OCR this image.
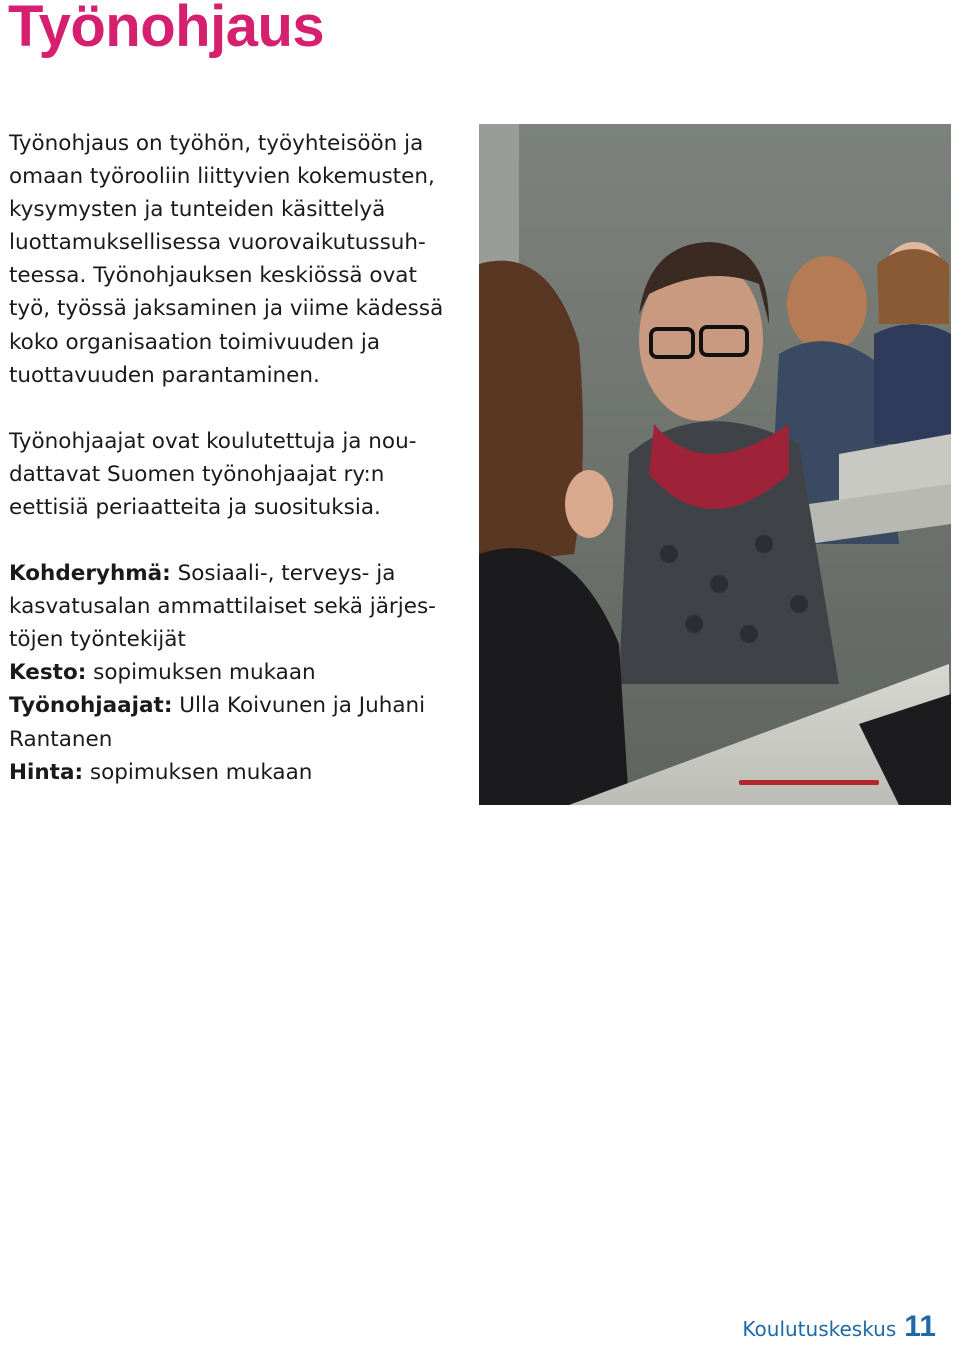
Työnohjaus

Työnohjaus on työhön, työyhteisöön ja
omaan työrooliin liittyvien kokemusten,
kysymysten ja tunteiden käsittelyä
luottamuksellisessa vuorovaikutussuh-
teessa. Työnohjauksen keskiössä ovat
työ, työssä jaksaminen ja viime kädessä
koko organisaation toimivuuden ja
tuottavuuden parantaminen.

Työnohjaajat ovat koulutettuja ja nou-
dattavat Suomen työnohjaajat ry:n
eettisiä periaatteita ja suosituksia.

Kohderyhmä: Sosiaali-, terveys- ja kasvatusalan ammattilaiset sekä järjes-töjen työntekijät
Kesto: sopimuksen mukaan
Työnohjaajat: Ulla Koivunen ja Juhani Rantanen
Hinta: sopimuksen mukaan
Koulutuskeskus 11
